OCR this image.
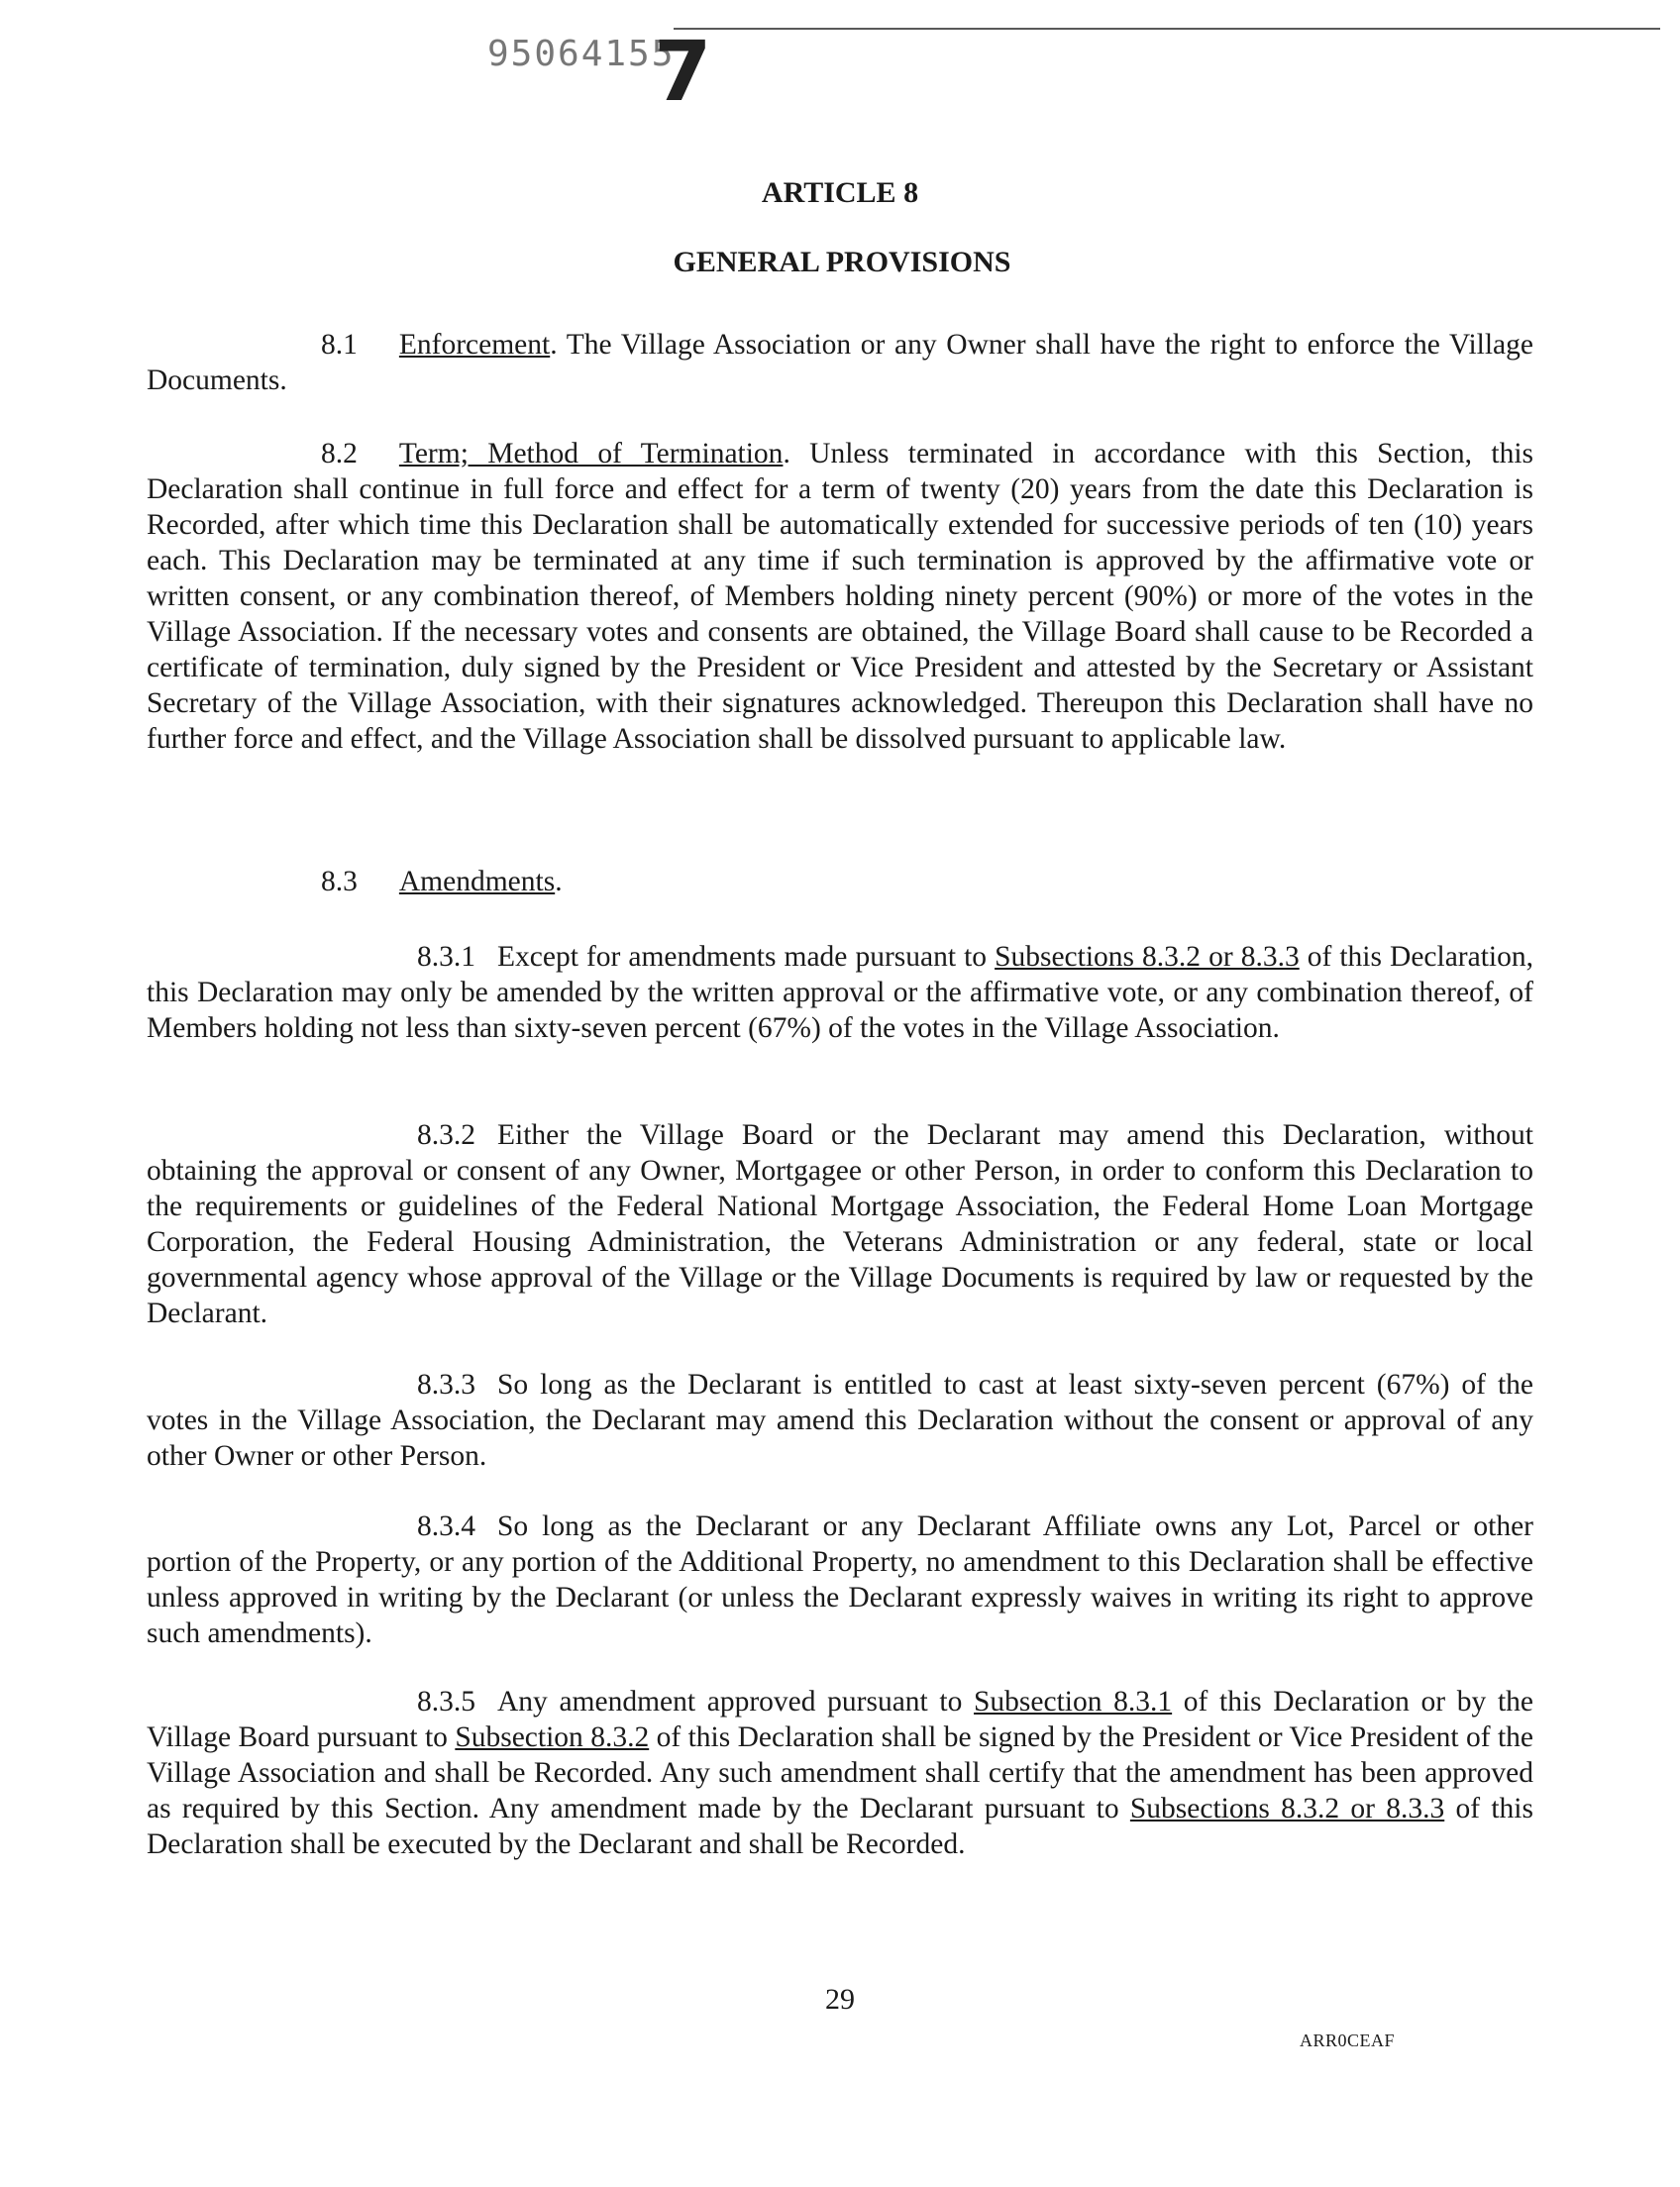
95064155
7
ARTICLE 8
GENERAL PROVISIONS

8.1 Enforcement. The Village Association or any Owner shall have the right to enforce the Village Documents.

8.2 Term; Method of Termination. Unless terminated in accordance with this Section, this Declaration shall continue in full force and effect for a term of twenty (20) years from the date this Declaration is Recorded, after which time this Declaration shall be automatically extended for successive periods of ten (10) years each. This Declaration may be terminated at any time if such termination is approved by the affirmative vote or written consent, or any combination thereof, of Members holding ninety percent (90%) or more of the votes in the Village Association. If the necessary votes and consents are obtained, the Village Board shall cause to be Recorded a certificate of termination, duly signed by the President or Vice President and attested by the Secretary or Assistant Secretary of the Village Association, with their signatures acknowledged. Thereupon this Declaration shall have no further force and effect, and the Village Association shall be dissolved pursuant to applicable law.

8.3 Amendments.

8.3.1 Except for amendments made pursuant to Subsections 8.3.2 or 8.3.3 of this Declaration, this Declaration may only be amended by the written approval or the affirmative vote, or any combination thereof, of Members holding not less than sixty-seven percent (67%) of the votes in the Village Association.

8.3.2 Either the Village Board or the Declarant may amend this Declaration, without obtaining the approval or consent of any Owner, Mortgagee or other Person, in order to conform this Declaration to the requirements or guidelines of the Federal National Mortgage Association, the Federal Home Loan Mortgage Corporation, the Federal Housing Administration, the Veterans Administration or any federal, state or local governmental agency whose approval of the Village or the Village Documents is required by law or requested by the Declarant.

8.3.3 So long as the Declarant is entitled to cast at least sixty-seven percent (67%) of the votes in the Village Association, the Declarant may amend this Declaration without the consent or approval of any other Owner or other Person.

8.3.4 So long as the Declarant or any Declarant Affiliate owns any Lot, Parcel or other portion of the Property, or any portion of the Additional Property, no amendment to this Declaration shall be effective unless approved in writing by the Declarant (or unless the Declarant expressly waives in writing its right to approve such amendments).

8.3.5 Any amendment approved pursuant to Subsection 8.3.1 of this Declaration or by the Village Board pursuant to Subsection 8.3.2 of this Declaration shall be signed by the President or Vice President of the Village Association and shall be Recorded. Any such amendment shall certify that the amendment has been approved as required by this Section. Any amendment made by the Declarant pursuant to Subsections 8.3.2 or 8.3.3 of this Declaration shall be executed by the Declarant and shall be Recorded.

29
ARR0CEAF
